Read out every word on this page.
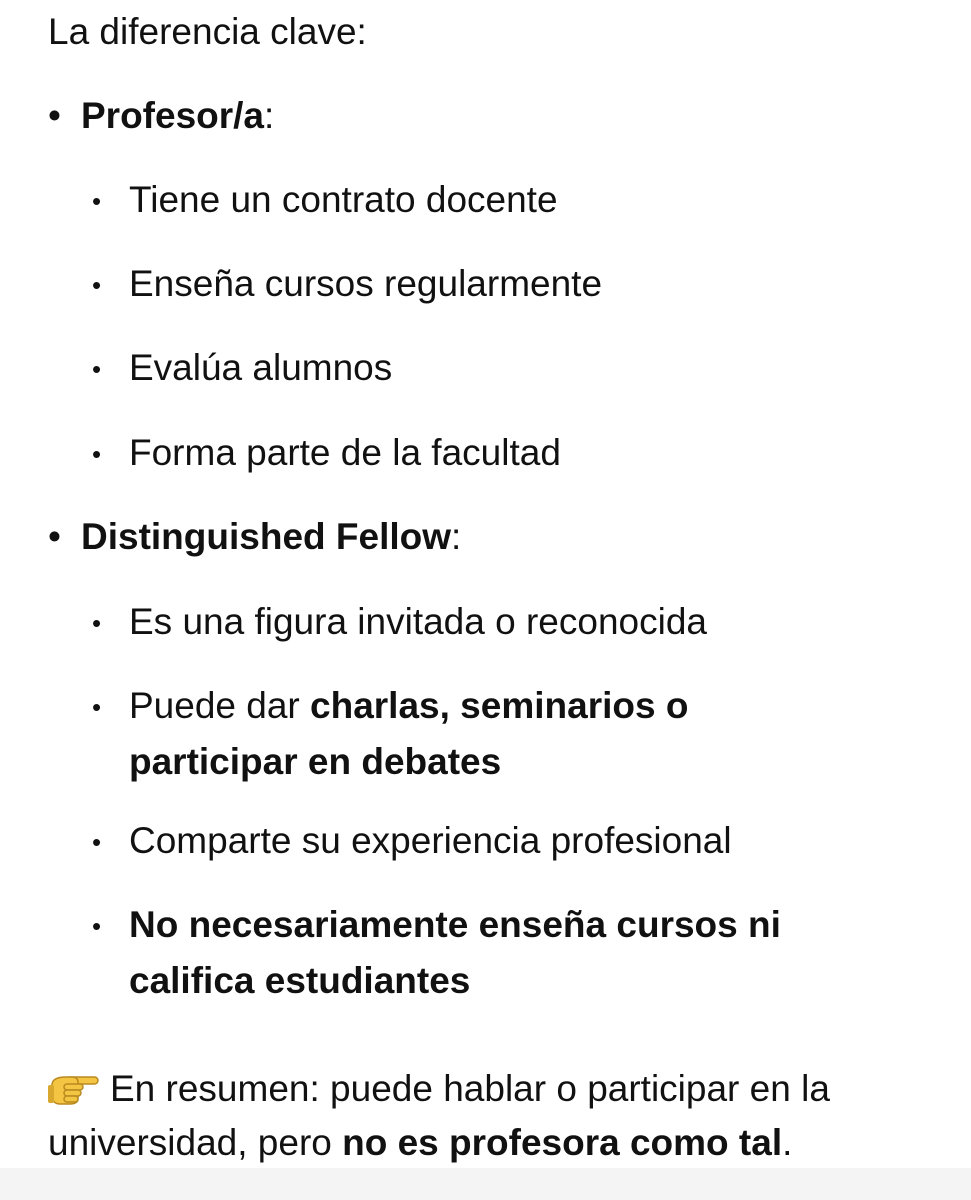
La diferencia clave:
• Profesor/a:
• Tiene un contrato docente
• Enseña cursos regularmente
• Evalúa alumnos
• Forma parte de la facultad
• Distinguished Fellow:
• Es una figura invitada o reconocida
• Puede dar charlas, seminarios o participar en debates
• Comparte su experiencia profesional
• No necesariamente enseña cursos ni califica estudiantes
En resumen: puede hablar o participar en la universidad, pero no es profesora como tal.
